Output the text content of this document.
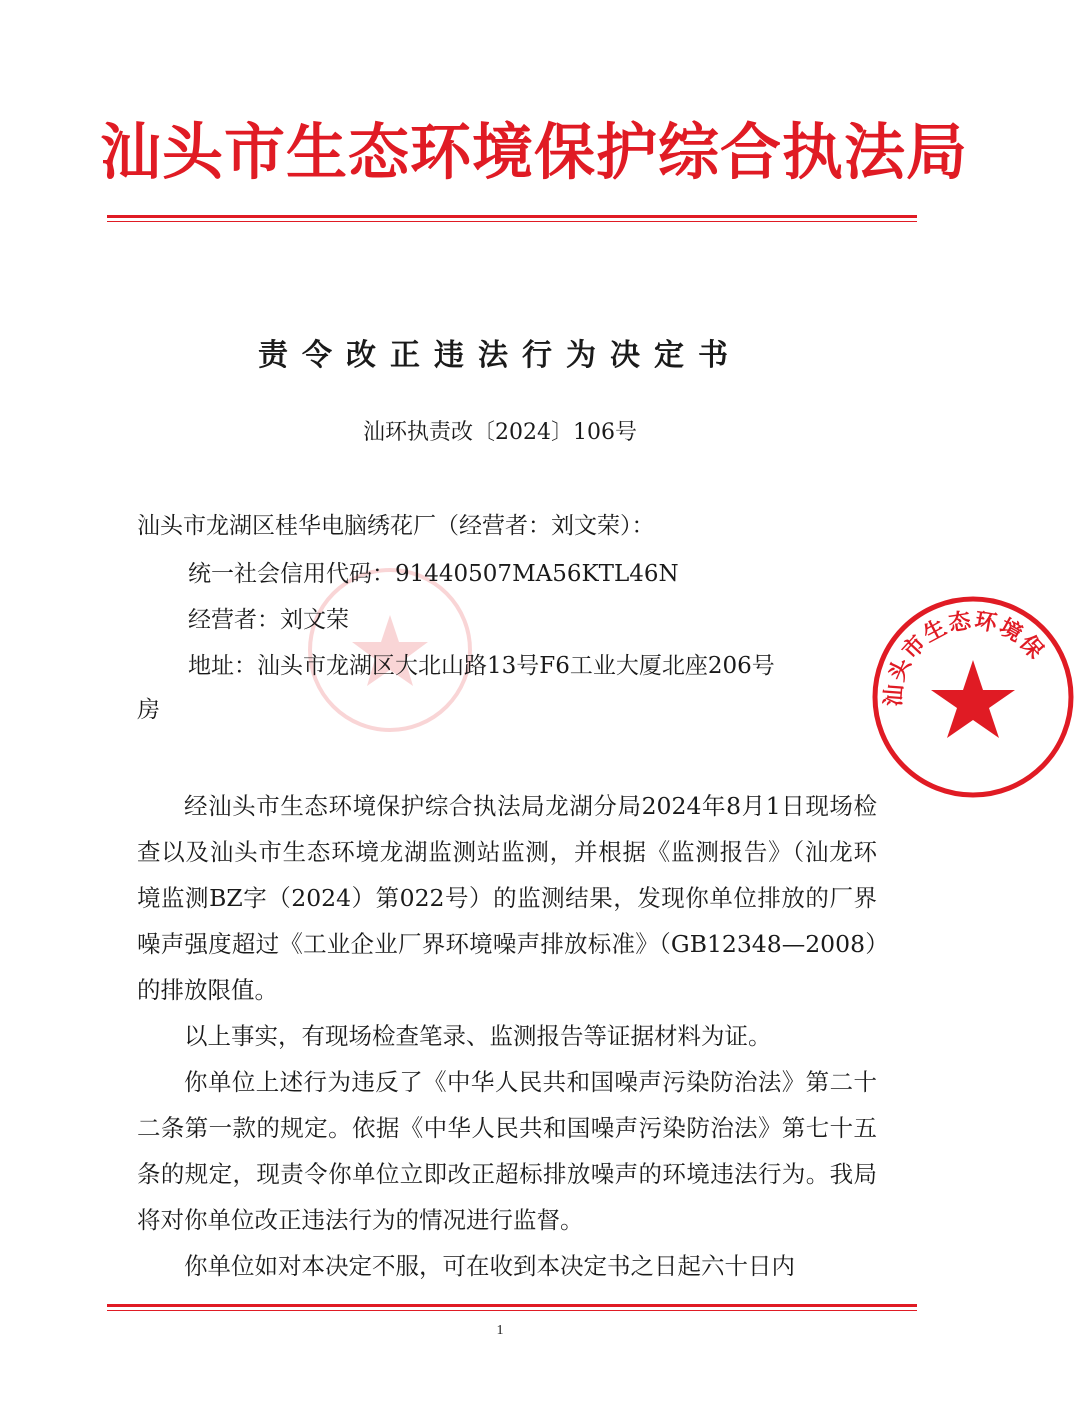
汕头市生态环境保护综合执法局
责令改正违法行为决定书
汕环执责改〔2024〕106号
汕头市龙湖区桂华电脑绣花厂（经营者：刘文荣）：
统一社会信用代码：91440507MA56KTL46N
经营者：刘文荣
地址：汕头市龙湖区大北山路13号F6工业大厦北座206号
房

经汕头市生态环境保护综合执法局龙湖分局2024年8月1日现场检查以及汕头市生态环境龙湖监测站监测，并根据《监测报告》（汕龙环境监测BZ字（2024）第022号）的监测结果，发现你单位排放的厂界噪声强度超过《工业企业厂界环境噪声排放标准》（GB12348—2008）的排放限值。

以上事实，有现场检查笔录、监测报告等证据材料为证。

你单位上述行为违反了《中华人民共和国噪声污染防治法》第二十二条第一款的规定。依据《中华人民共和国噪声污染防治法》第七十五条的规定，现责令你单位立即改正超标排放噪声的环境违法行为。我局将对你单位改正违法行为的情况进行监督。

你单位如对本决定不服，可在收到本决定书之日起六十日内

汕头市生态环境保
1
